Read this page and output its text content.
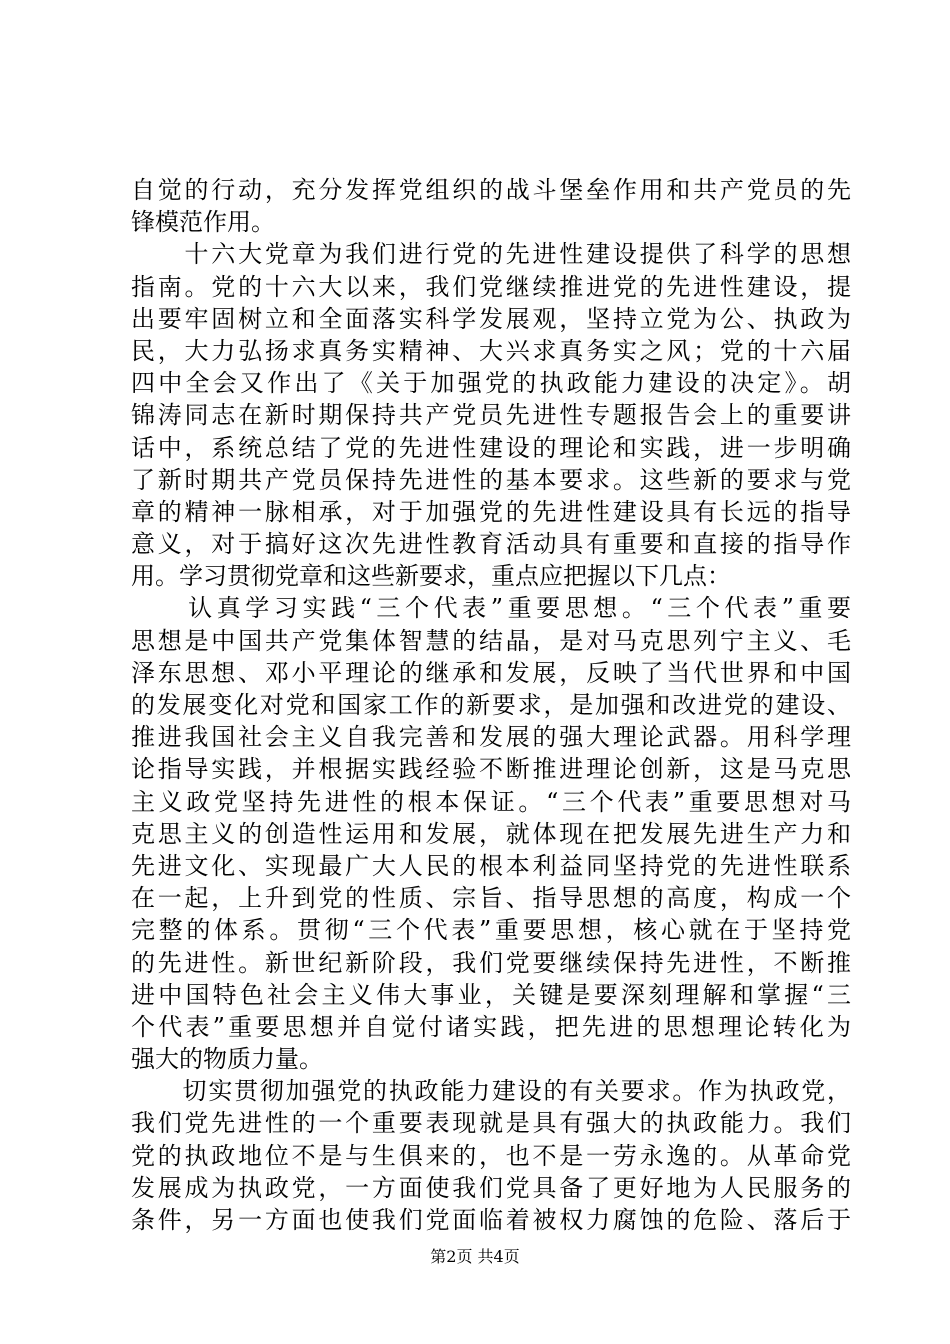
自觉的行动，充分发挥党组织的战斗堡垒作用和共产党员的先
锋模范作用。
　　十六大党章为我们进行党的先进性建设提供了科学的思想
指南。党的十六大以来，我们党继续推进党的先进性建设，提
出要牢固树立和全面落实科学发展观，坚持立党为公、执政为
民，大力弘扬求真务实精神、大兴求真务实之风；党的十六届
四中全会又作出了《关于加强党的执政能力建设的决定》。胡
锦涛同志在新时期保持共产党员先进性专题报告会上的重要讲
话中，系统总结了党的先进性建设的理论和实践，进一步明确
了新时期共产党员保持先进性的基本要求。这些新的要求与党
章的精神一脉相承，对于加强党的先进性建设具有长远的指导
意义，对于搞好这次先进性教育活动具有重要和直接的指导作
用。学习贯彻党章和这些新要求，重点应把握以下几点：
　　认真学习实践“三个代表”重要思想。“三个代表”重要
思想是中国共产党集体智慧的结晶，是对马克思列宁主义、毛
泽东思想、邓小平理论的继承和发展，反映了当代世界和中国
的发展变化对党和国家工作的新要求，是加强和改进党的建设、
推进我国社会主义自我完善和发展的强大理论武器。用科学理
论指导实践，并根据实践经验不断推进理论创新，这是马克思
主义政党坚持先进性的根本保证。“三个代表”重要思想对马
克思主义的创造性运用和发展，就体现在把发展先进生产力和
先进文化、实现最广大人民的根本利益同坚持党的先进性联系
在一起，上升到党的性质、宗旨、指导思想的高度，构成一个
完整的体系。贯彻“三个代表”重要思想，核心就在于坚持党
的先进性。新世纪新阶段，我们党要继续保持先进性，不断推
进中国特色社会主义伟大事业，关键是要深刻理解和掌握“三
个代表”重要思想并自觉付诸实践，把先进的思想理论转化为
强大的物质力量。
　　切实贯彻加强党的执政能力建设的有关要求。作为执政党，
我们党先进性的一个重要表现就是具有强大的执政能力。我们
党的执政地位不是与生俱来的，也不是一劳永逸的。从革命党
发展成为执政党，一方面使我们党具备了更好地为人民服务的
条件，另一方面也使我们党面临着被权力腐蚀的危险、落后于
第2页 共4页
